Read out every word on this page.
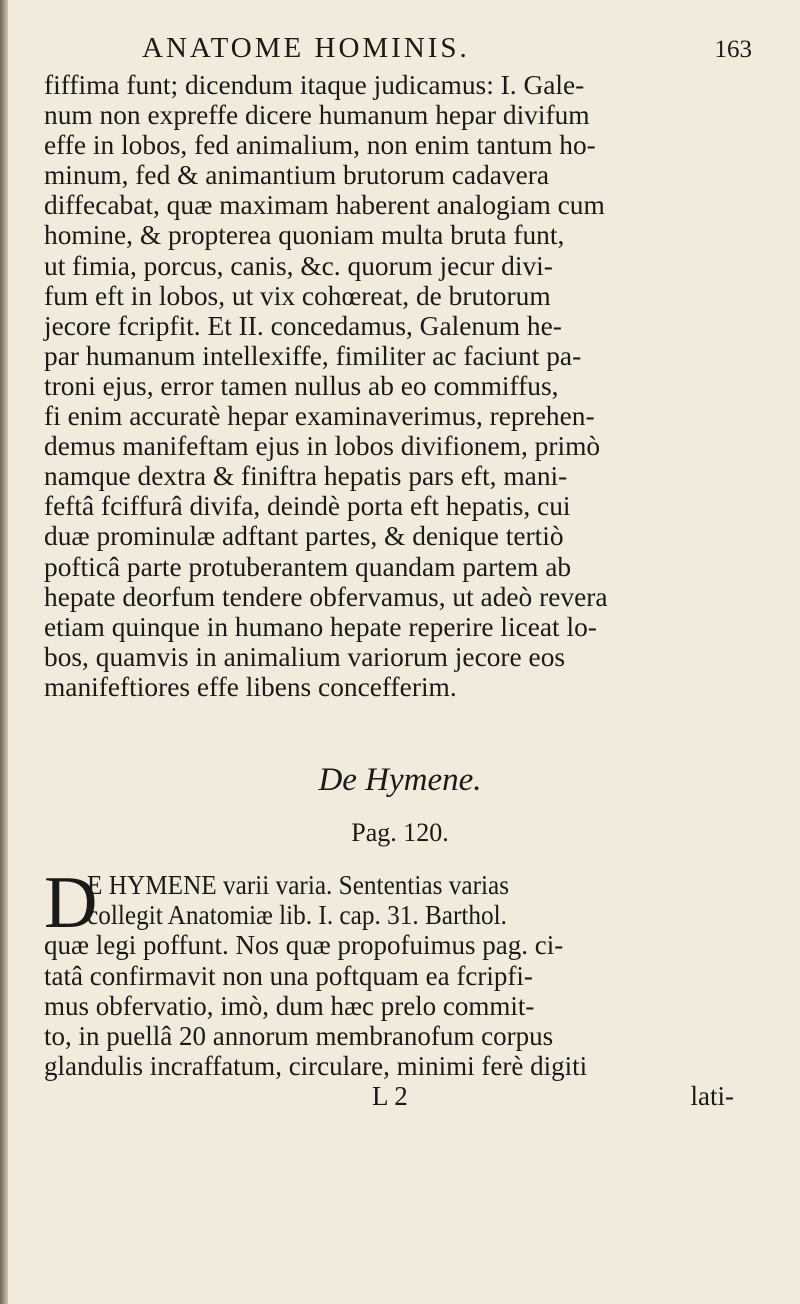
ANATOME HOMINIS.	163

fiffima funt; dicendum itaque judicamus: I. Gale-

num non expreffe dicere humanum hepar divifum

effe in lobos, fed animalium, non enim tantum ho-

minum, fed & animantium brutorum cadavera

diffecabat, quæ maximam haberent analogiam cum

homine, & propterea quoniam multa bruta funt,

ut fimia, porcus, canis, &c. quorum jecur divi-

fum eft in lobos, ut vix cohœreat, de brutorum

jecore fcripfit. Et II. concedamus, Galenum he-

par humanum intellexiffe, fimiliter ac faciunt pa-

troni ejus, error tamen nullus ab eo commiffus,

fi enim accuratè hepar examinaverimus, reprehen-

demus manifeftam ejus in lobos divifionem, primò

namque dextra & finiftra hepatis pars eft, mani-

feftâ fciffurâ divifa, deindè porta eft hepatis, cui

duæ prominulæ adftant partes, & denique tertiò

pofticâ parte protuberantem quandam partem ab

hepate deorfum tendere obfervamus, ut adeò revera

etiam quinque in humano hepate reperire liceat lo-

bos, quamvis in animalium variorum jecore eos

manifeftiores effe libens concefferim.

De Hymene.
Pag. 120.
D

E HYMENE varii varia. Sententias varias

collegit Anatomiæ lib. I. cap. 31. Barthol.

quæ legi poffunt. Nos quæ propofuimus pag. ci-

tatâ confirmavit non una poftquam ea fcripfi-

mus obfervatio, imò, dum hæc prelo commit-

to, in puellâ 20 annorum membranofum corpus

glandulis incraffatum, circulare, minimi ferè digiti

L 2	lati-
